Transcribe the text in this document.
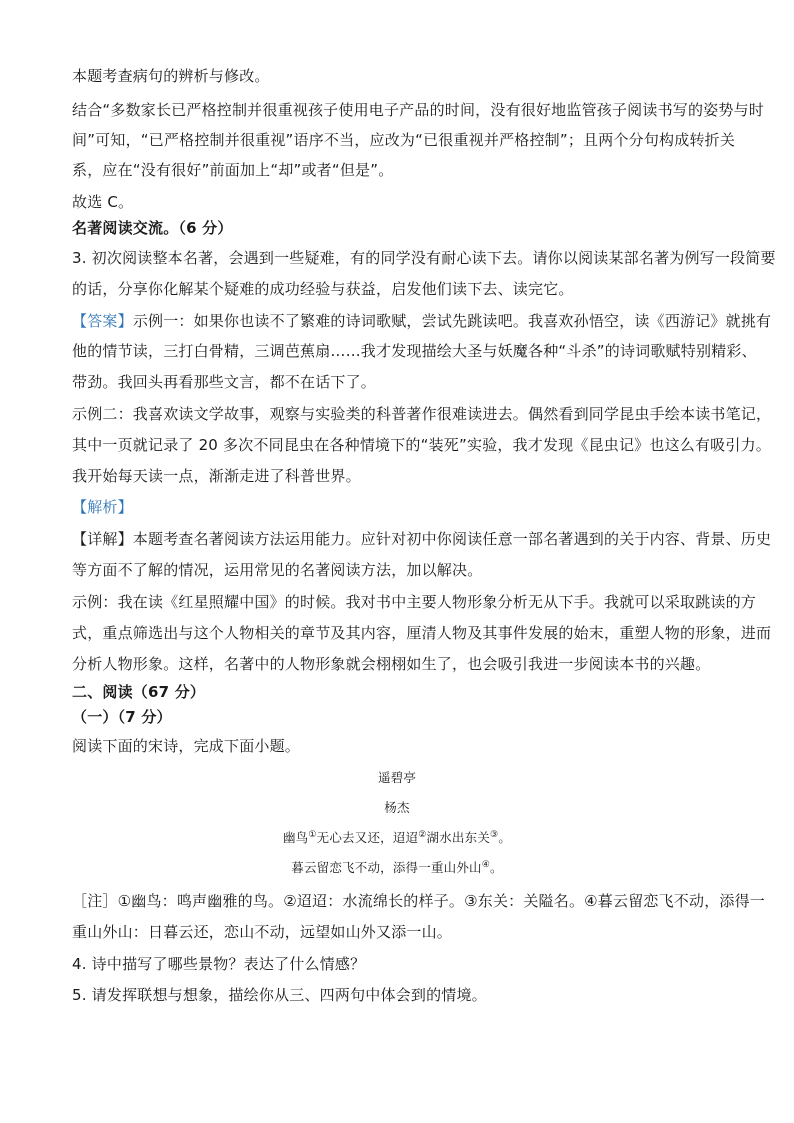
本题考查病句的辨析与修改。
结合“多数家长已严格控制并很重视孩子使用电子产品的时间，没有很好地监管孩子阅读书写的姿势与时
间”可知，“已严格控制并很重视”语序不当，应改为“已很重视并严格控制”；且两个分句构成转折关
系，应在“没有很好”前面加上“却”或者“但是”。
故选 C。
名著阅读交流。（6 分）
3. 初次阅读整本名著，会遇到一些疑难，有的同学没有耐心读下去。请你以阅读某部名著为例写一段简要
的话，分享你化解某个疑难的成功经验与获益，启发他们读下去、读完它。
【答案】示例一：如果你也读不了繁难的诗词歌赋，尝试先跳读吧。我喜欢孙悟空，读《西游记》就挑有
他的情节读，三打白骨精，三调芭蕉扇……我才发现描绘大圣与妖魔各种“斗杀”的诗词歌赋特别精彩、
带劲。我回头再看那些文言，都不在话下了。
示例二：我喜欢读文学故事，观察与实验类的科普著作很难读进去。偶然看到同学昆虫手绘本读书笔记，
其中一页就记录了 20 多次不同昆虫在各种情境下的“装死”实验，我才发现《昆虫记》也这么有吸引力。
我开始每天读一点，渐渐走进了科普世界。
【解析】
【详解】本题考查名著阅读方法运用能力。应针对初中你阅读任意一部名著遇到的关于内容、背景、历史
等方面不了解的情况，运用常见的名著阅读方法，加以解决。
示例：我在读《红星照耀中国》的时候。我对书中主要人物形象分析无从下手。我就可以采取跳读的方
式，重点筛选出与这个人物相关的章节及其内容，厘清人物及其事件发展的始末，重塑人物的形象，进而
分析人物形象。这样，名著中的人物形象就会栩栩如生了，也会吸引我进一步阅读本书的兴趣。
二、阅读（67 分）
（一）（7 分）
阅读下面的宋诗，完成下面小题。
遥碧亭
杨杰
幽鸟①无心去又还，迢迢②湖水出东关③。
暮云留恋飞不动，添得一重山外山④。
［注］①幽鸟：鸣声幽雅的鸟。②迢迢：水流绵长的样子。③东关：关隘名。④暮云留恋飞不动，添得一
重山外山：日暮云还，恋山不动，远望如山外又添一山。
4. 诗中描写了哪些景物？表达了什么情感？
5. 请发挥联想与想象，描绘你从三、四两句中体会到的情境。
